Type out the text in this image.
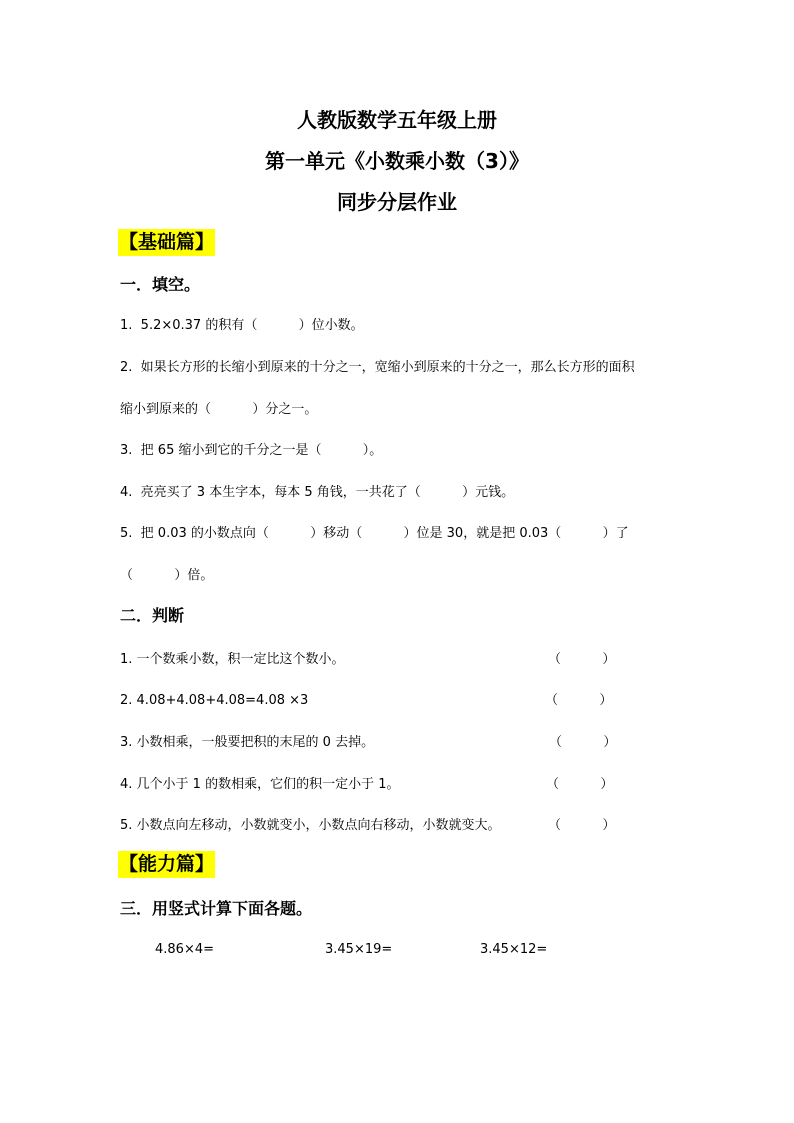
人教版数学五年级上册
第一单元《小数乘小数（3）》
同步分层作业
【基础篇】
一．填空。
1.  5.2×0.37 的积有（          ）位小数。
2.  如果长方形的长缩小到原来的十分之一，宽缩小到原来的十分之一，那么长方形的面积
缩小到原来的（          ）分之一。
3.  把 65 缩小到它的千分之一是（          ）。
4.  亮亮买了 3 本生字本，每本 5 角钱，一共花了（          ）元钱。
5.  把 0.03 的小数点向（          ）移动（          ）位是 30，就是把 0.03（          ）了
（          ）倍。
二．判断
1. 一个数乘小数，积一定比这个数小。	（          ）
2. 4.08+4.08+4.08=4.08 ×3	（          ）
3. 小数相乘，一般要把积的末尾的 0 去掉。	（          ）
4. 几个小于 1 的数相乘，它们的积一定小于 1。	（          ）
5. 小数点向左移动，小数就变小，小数点向右移动，小数就变大。	（          ）
【能力篇】
三．用竖式计算下面各题。
4.86×4=	3.45×19=	3.45×12=
